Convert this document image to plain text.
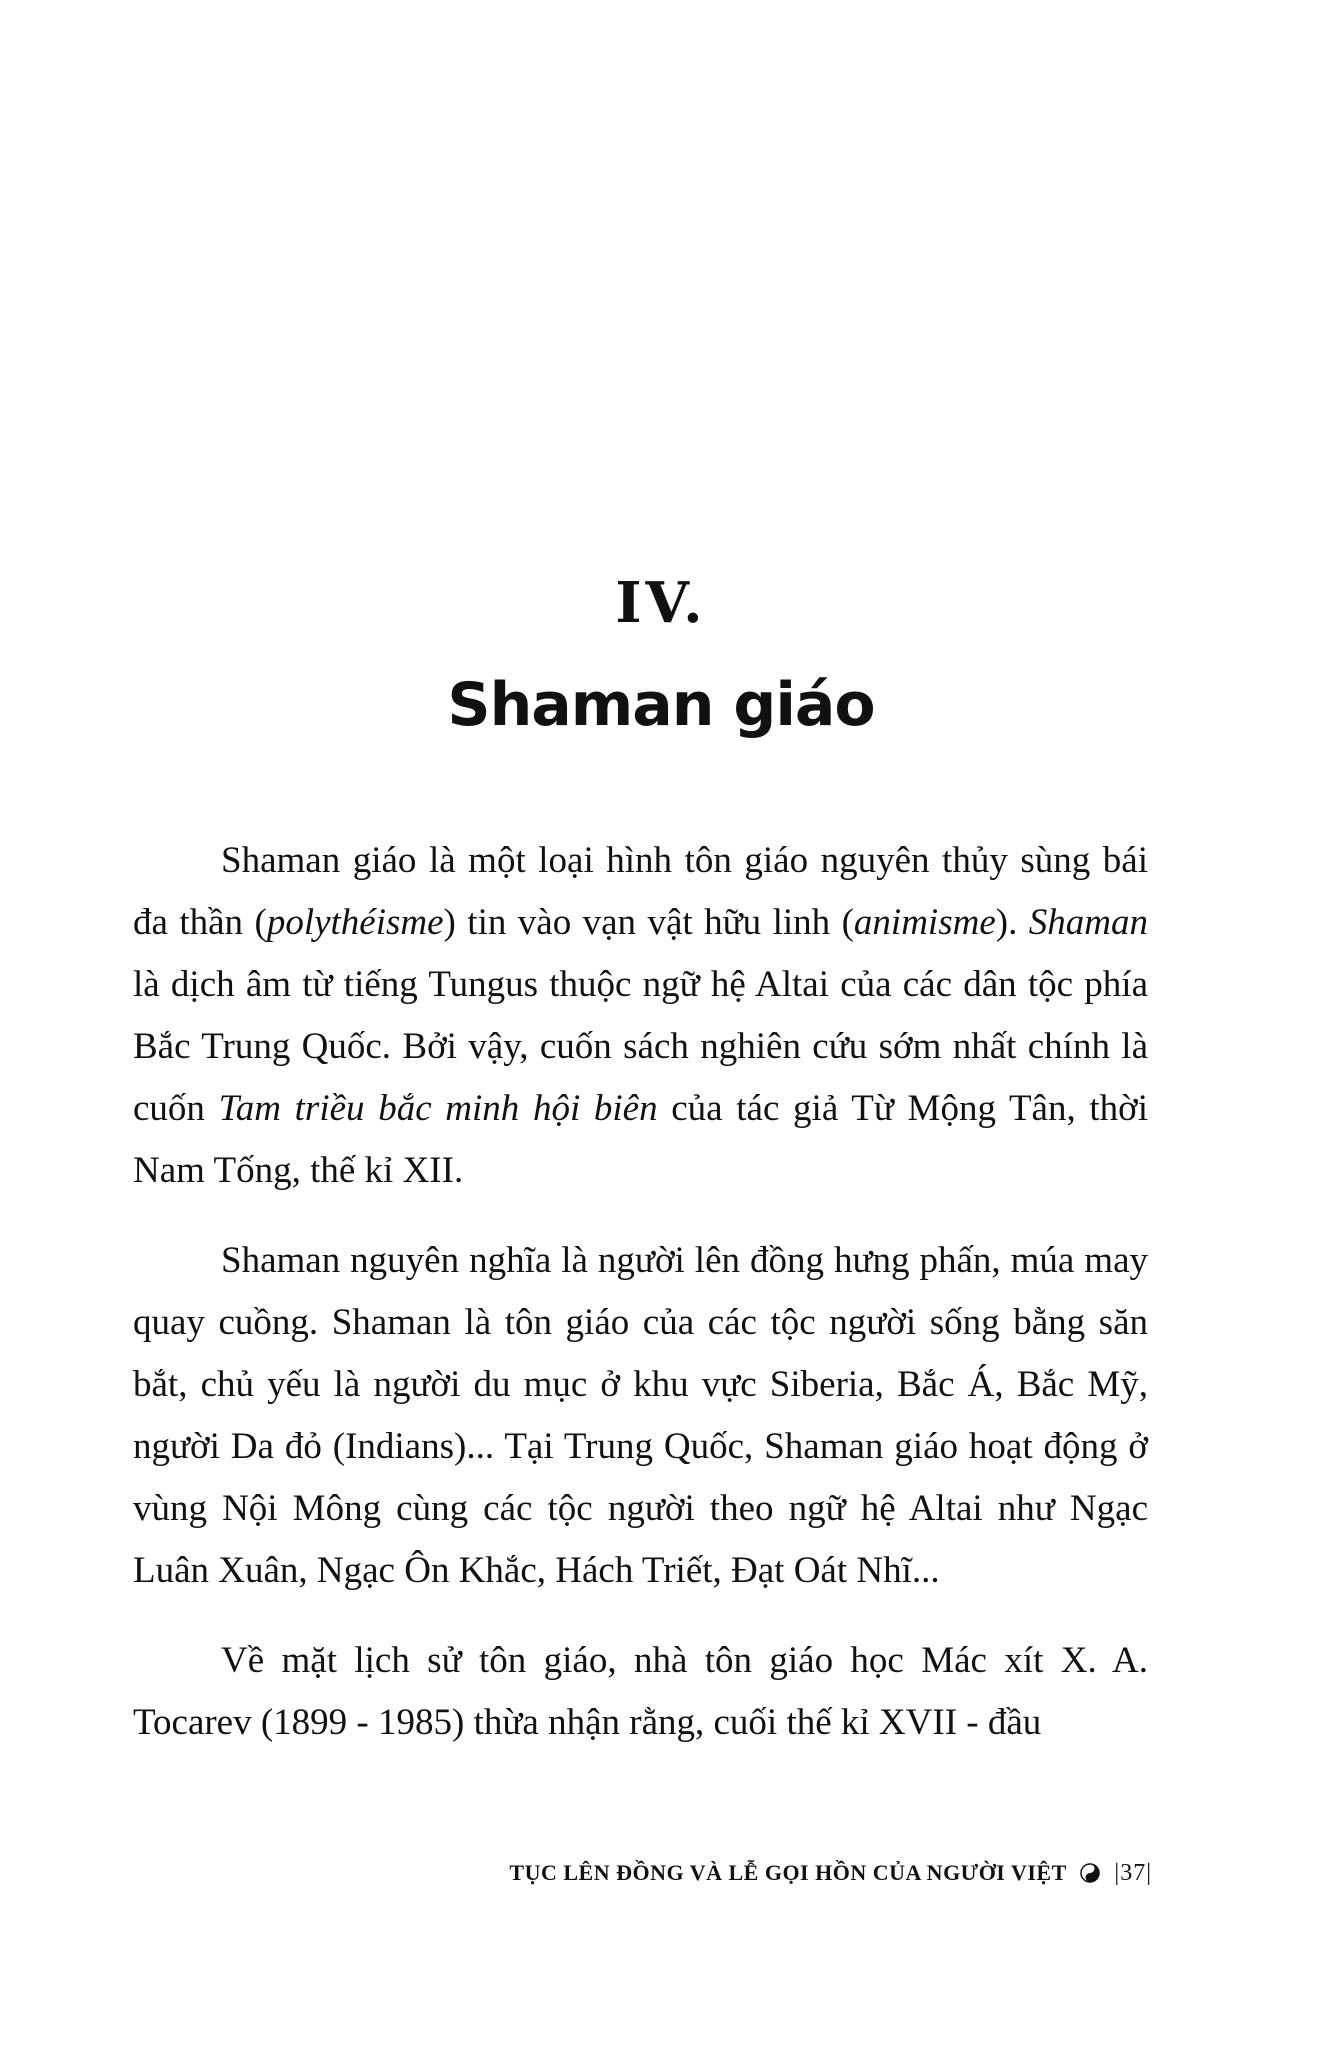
IV.
Shaman giáo

Shaman giáo là một loại hình tôn giáo nguyên thủy sùng bái đa thần (polythéisme) tin vào vạn vật hữu linh (animisme). Shaman là dịch âm từ tiếng Tungus thuộc ngữ hệ Altai của các dân tộc phía Bắc Trung Quốc. Bởi vậy, cuốn sách nghiên cứu sớm nhất chính là cuốn Tam triều bắc minh hội biên của tác giả Từ Mộng Tân, thời Nam Tống, thế kỉ XII.

Shaman nguyên nghĩa là người lên đồng hưng phấn, múa may quay cuồng. Shaman là tôn giáo của các tộc người sống bằng săn bắt, chủ yếu là người du mục ở khu vực Siberia, Bắc Á, Bắc Mỹ, người Da đỏ (Indians)... Tại Trung Quốc, Shaman giáo hoạt động ở vùng Nội Mông cùng các tộc người theo ngữ hệ Altai như Ngạc Luân Xuân, Ngạc Ôn Khắc, Hách Triết, Đạt Oát Nhĩ...

Về mặt lịch sử tôn giáo, nhà tôn giáo học Mác xít X. A. Tocarev (1899 - 1985) thừa nhận rằng, cuối thế kỉ XVII - đầu

TỤC LÊN ĐỒNG VÀ LỄ GỌI HỒN CỦA NGƯỜI VIỆT |37|
